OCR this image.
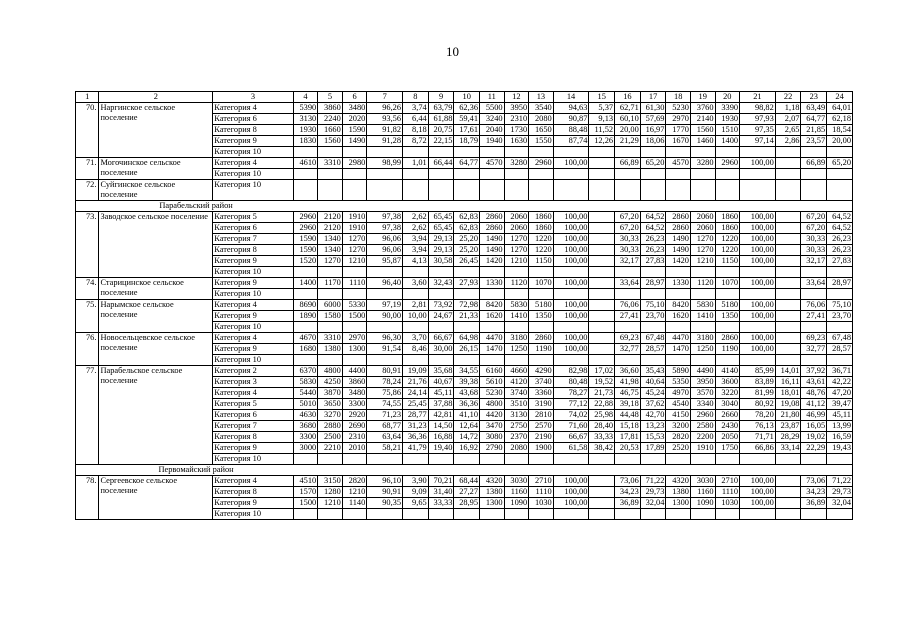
10
1	2	3	4	5	6	7	8	9	10	11	12	13	14	15	16	17	18	19	20	21	22	23	24
70.	Наргинское сельское поселение	Категория 4	5390	3860	3480	96,26	3,74	63,79	62,36	5500	3950	3540	94,63	5,37	62,71	61,30	5230	3760	3390	98,82	1,18	63,49	64,01
		Категория 6	3130	2240	2020	93,56	6,44	61,88	59,41	3240	2310	2080	90,87	9,13	60,10	57,69	2970	2140	1930	97,93	2,07	64,77	62,18
		Категория 8	1930	1660	1590	91,82	8,18	20,75	17,61	2040	1730	1650	88,48	11,52	20,00	16,97	1770	1560	1510	97,35	2,65	21,85	18,54
		Категория 9	1830	1560	1490	91,28	8,72	22,15	18,79	1940	1630	1550	87,74	12,26	21,29	18,06	1670	1460	1400	97,14	2,86	23,57	20,00
		Категория 10																					
71.	Могочинское сельское поселение	Категория 4	4610	3310	2980	98,99	1,01	66,44	64,77	4570	3280	2960	100,00		66,89	65,20	4570	3280	2960	100,00		66,89	65,20
		Категория 10																					
72.	Суйгинское сельское поселение	Категория 10																					
	Парабельский район																						
73.	Заводское сельское поселение	Категория 5	2960	2120	1910	97,38	2,62	65,45	62,83	2860	2060	1860	100,00		67,20	64,52	2860	2060	1860	100,00		67,20	64,52
		Категория 6	2960	2120	1910	97,38	2,62	65,45	62,83	2860	2060	1860	100,00		67,20	64,52	2860	2060	1860	100,00		67,20	64,52
		Категория 7	1590	1340	1270	96,06	3,94	29,13	25,20	1490	1270	1220	100,00		30,33	26,23	1490	1270	1220	100,00		30,33	26,23
		Категория 8	1590	1340	1270	96,06	3,94	29,13	25,20	1490	1270	1220	100,00		30,33	26,23	1490	1270	1220	100,00		30,33	26,23
		Категория 9	1520	1270	1210	95,87	4,13	30,58	26,45	1420	1210	1150	100,00		32,17	27,83	1420	1210	1150	100,00		32,17	27,83
		Категория 10																					
74.	Старицинское сельское поселение	Категория 9	1400	1170	1110	96,40	3,60	32,43	27,93	1330	1120	1070	100,00		33,64	28,97	1330	1120	1070	100,00		33,64	28,97
		Категория 10																					
75.	Нарымское сельское поселение	Категория 4	8690	6000	5330	97,19	2,81	73,92	72,98	8420	5830	5180	100,00		76,06	75,10	8420	5830	5180	100,00		76,06	75,10
		Категория 9	1890	1580	1500	90,00	10,00	24,67	21,33	1620	1410	1350	100,00		27,41	23,70	1620	1410	1350	100,00		27,41	23,70
		Категория 10																					
76.	Новосельцевское сельское поселение	Категория 4	4670	3310	2970	96,30	3,70	66,67	64,98	4470	3180	2860	100,00		69,23	67,48	4470	3180	2860	100,00		69,23	67,48
		Категория 9	1680	1380	1300	91,54	8,46	30,00	26,15	1470	1250	1190	100,00		32,77	28,57	1470	1250	1190	100,00		32,77	28,57
		Категория 10																					
77.	Парабельское сельское поселение	Категория 2	6370	4800	4400	80,91	19,09	35,68	34,55	6160	4660	4290	82,98	17,02	36,60	35,43	5890	4490	4140	85,99	14,01	37,92	36,71
		Категория 3	5830	4250	3860	78,24	21,76	40,67	39,38	5610	4120	3740	80,48	19,52	41,98	40,64	5350	3950	3600	83,89	16,11	43,61	42,22
		Категория 4	5440	3870	3480	75,86	24,14	45,11	43,68	5230	3740	3360	78,27	21,73	46,75	45,24	4970	3570	3220	81,99	18,01	48,76	47,20
		Категория 5	5010	3650	3300	74,55	25,45	37,88	36,36	4800	3510	3190	77,12	22,88	39,18	37,62	4540	3340	3040	80,92	19,08	41,12	39,47
		Категория 6	4630	3270	2920	71,23	28,77	42,81	41,10	4420	3130	2810	74,02	25,98	44,48	42,70	4150	2960	2660	78,20	21,80	46,99	45,11
		Категория 7	3680	2880	2690	68,77	31,23	14,50	12,64	3470	2750	2570	71,60	28,40	15,18	13,23	3200	2580	2430	76,13	23,87	16,05	13,99
		Категория 8	3300	2500	2310	63,64	36,36	16,88	14,72	3080	2370	2190	66,67	33,33	17,81	15,53	2820	2200	2050	71,71	28,29	19,02	16,59
		Категория 9	3000	2210	2010	58,21	41,79	19,40	16,92	2790	2080	1900	61,58	38,42	20,53	17,89	2520	1910	1750	66,86	33,14	22,29	19,43
		Категория 10																					
	Первомайский район																						
78.	Сергеевское сельское поселение	Категория 4	4510	3150	2820	96,10	3,90	70,21	68,44	4320	3030	2710	100,00		73,06	71,22	4320	3030	2710	100,00		73,06	71,22
		Категория 8	1570	1280	1210	90,91	9,09	31,40	27,27	1380	1160	1110	100,00		34,23	29,73	1380	1160	1110	100,00		34,23	29,73
		Категория 9	1500	1210	1140	90,35	9,65	33,33	28,95	1300	1090	1030	100,00		36,89	32,04	1300	1090	1030	100,00		36,89	32,04
		Категория 10																					
